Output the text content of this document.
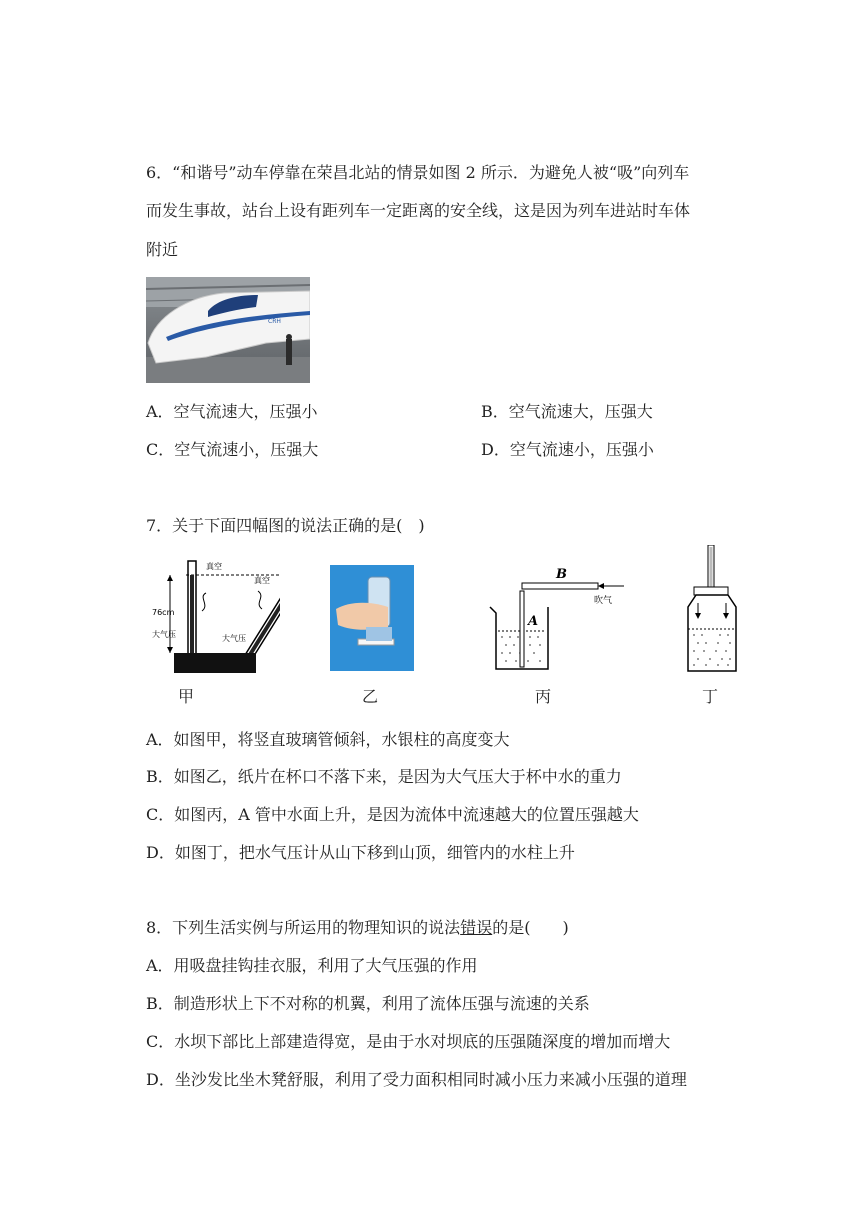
6．“和谐号”动车停靠在荣昌北站的情景如图 2 所示．为避免人被“吸”向列车
而发生事故，站台上设有距列车一定距离的安全线，这是因为列车进站时车体
附近
CRH
A．空气流速大，压强小	B．空气流速大，压强大
C．空气流速小，压强大	D．空气流速小，压强小
7．关于下面四幅图的说法正确的是(　)
76cm
真空
大气压
真空
大气压
甲	乙
B
吹气
A
丙	丁
A．如图甲，将竖直玻璃管倾斜，水银柱的高度变大
B．如图乙，纸片在杯口不落下来，是因为大气压大于杯中水的重力
C．如图丙，A 管中水面上升，是因为流体中流速越大的位置压强越大
D．如图丁，把水气压计从山下移到山顶，细管内的水柱上升
8．下列生活实例与所运用的物理知识的说法错误的是(　　)
A．用吸盘挂钩挂衣服，利用了大气压强的作用
B．制造形状上下不对称的机翼，利用了流体压强与流速的关系
C．水坝下部比上部建造得宽，是由于水对坝底的压强随深度的增加而增大
D．坐沙发比坐木凳舒服，利用了受力面积相同时减小压力来减小压强的道理
